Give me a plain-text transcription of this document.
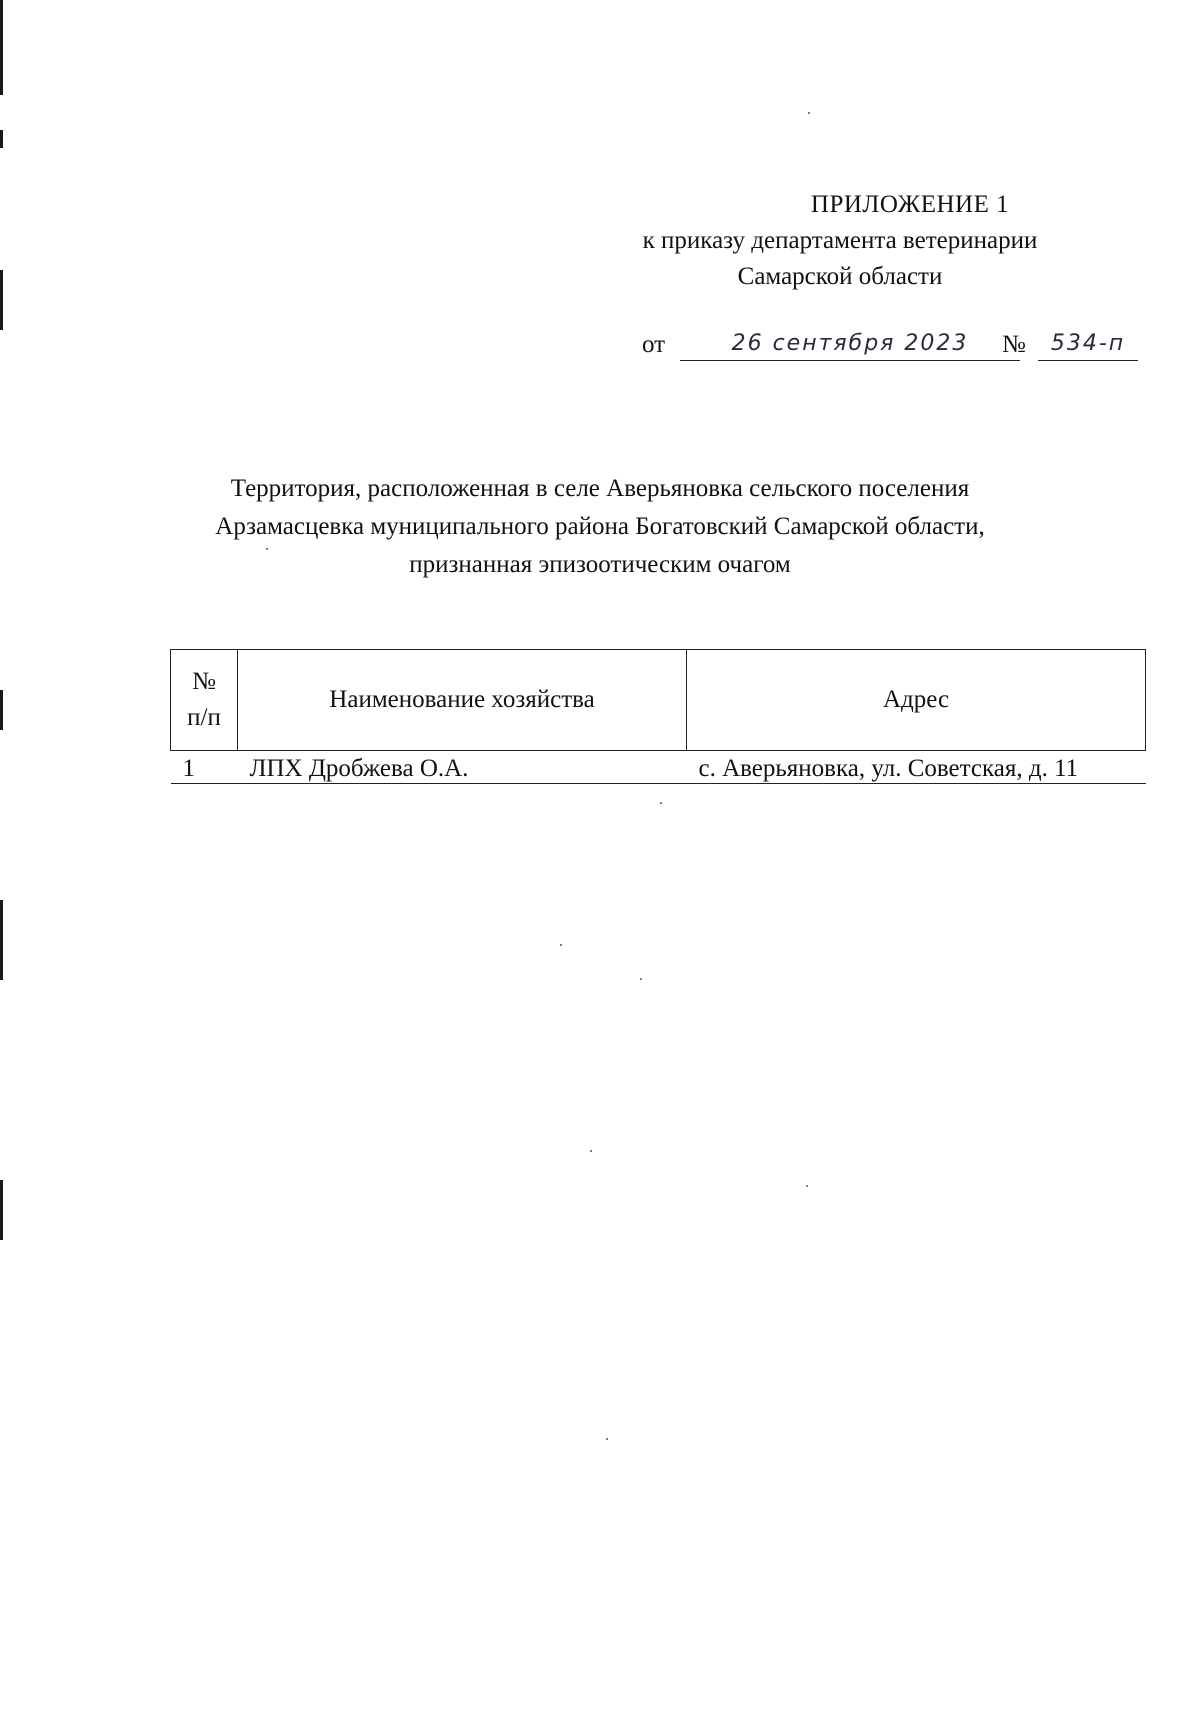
ПРИЛОЖЕНИЕ 1
к приказу департамента ветеринарии
Самарской области
от	26 сентября 2023	№	534-п
Территория, расположенная в селе Аверьяновка сельского поселения
Арзамасцевка муниципального района Богатовский Самарской области,
признанная эпизоотическим очагом
№
п/п	Наименование хозяйства	Адрес
1	ЛПХ Дробжева О.А.	с. Аверьяновка, ул. Советская, д. 11
